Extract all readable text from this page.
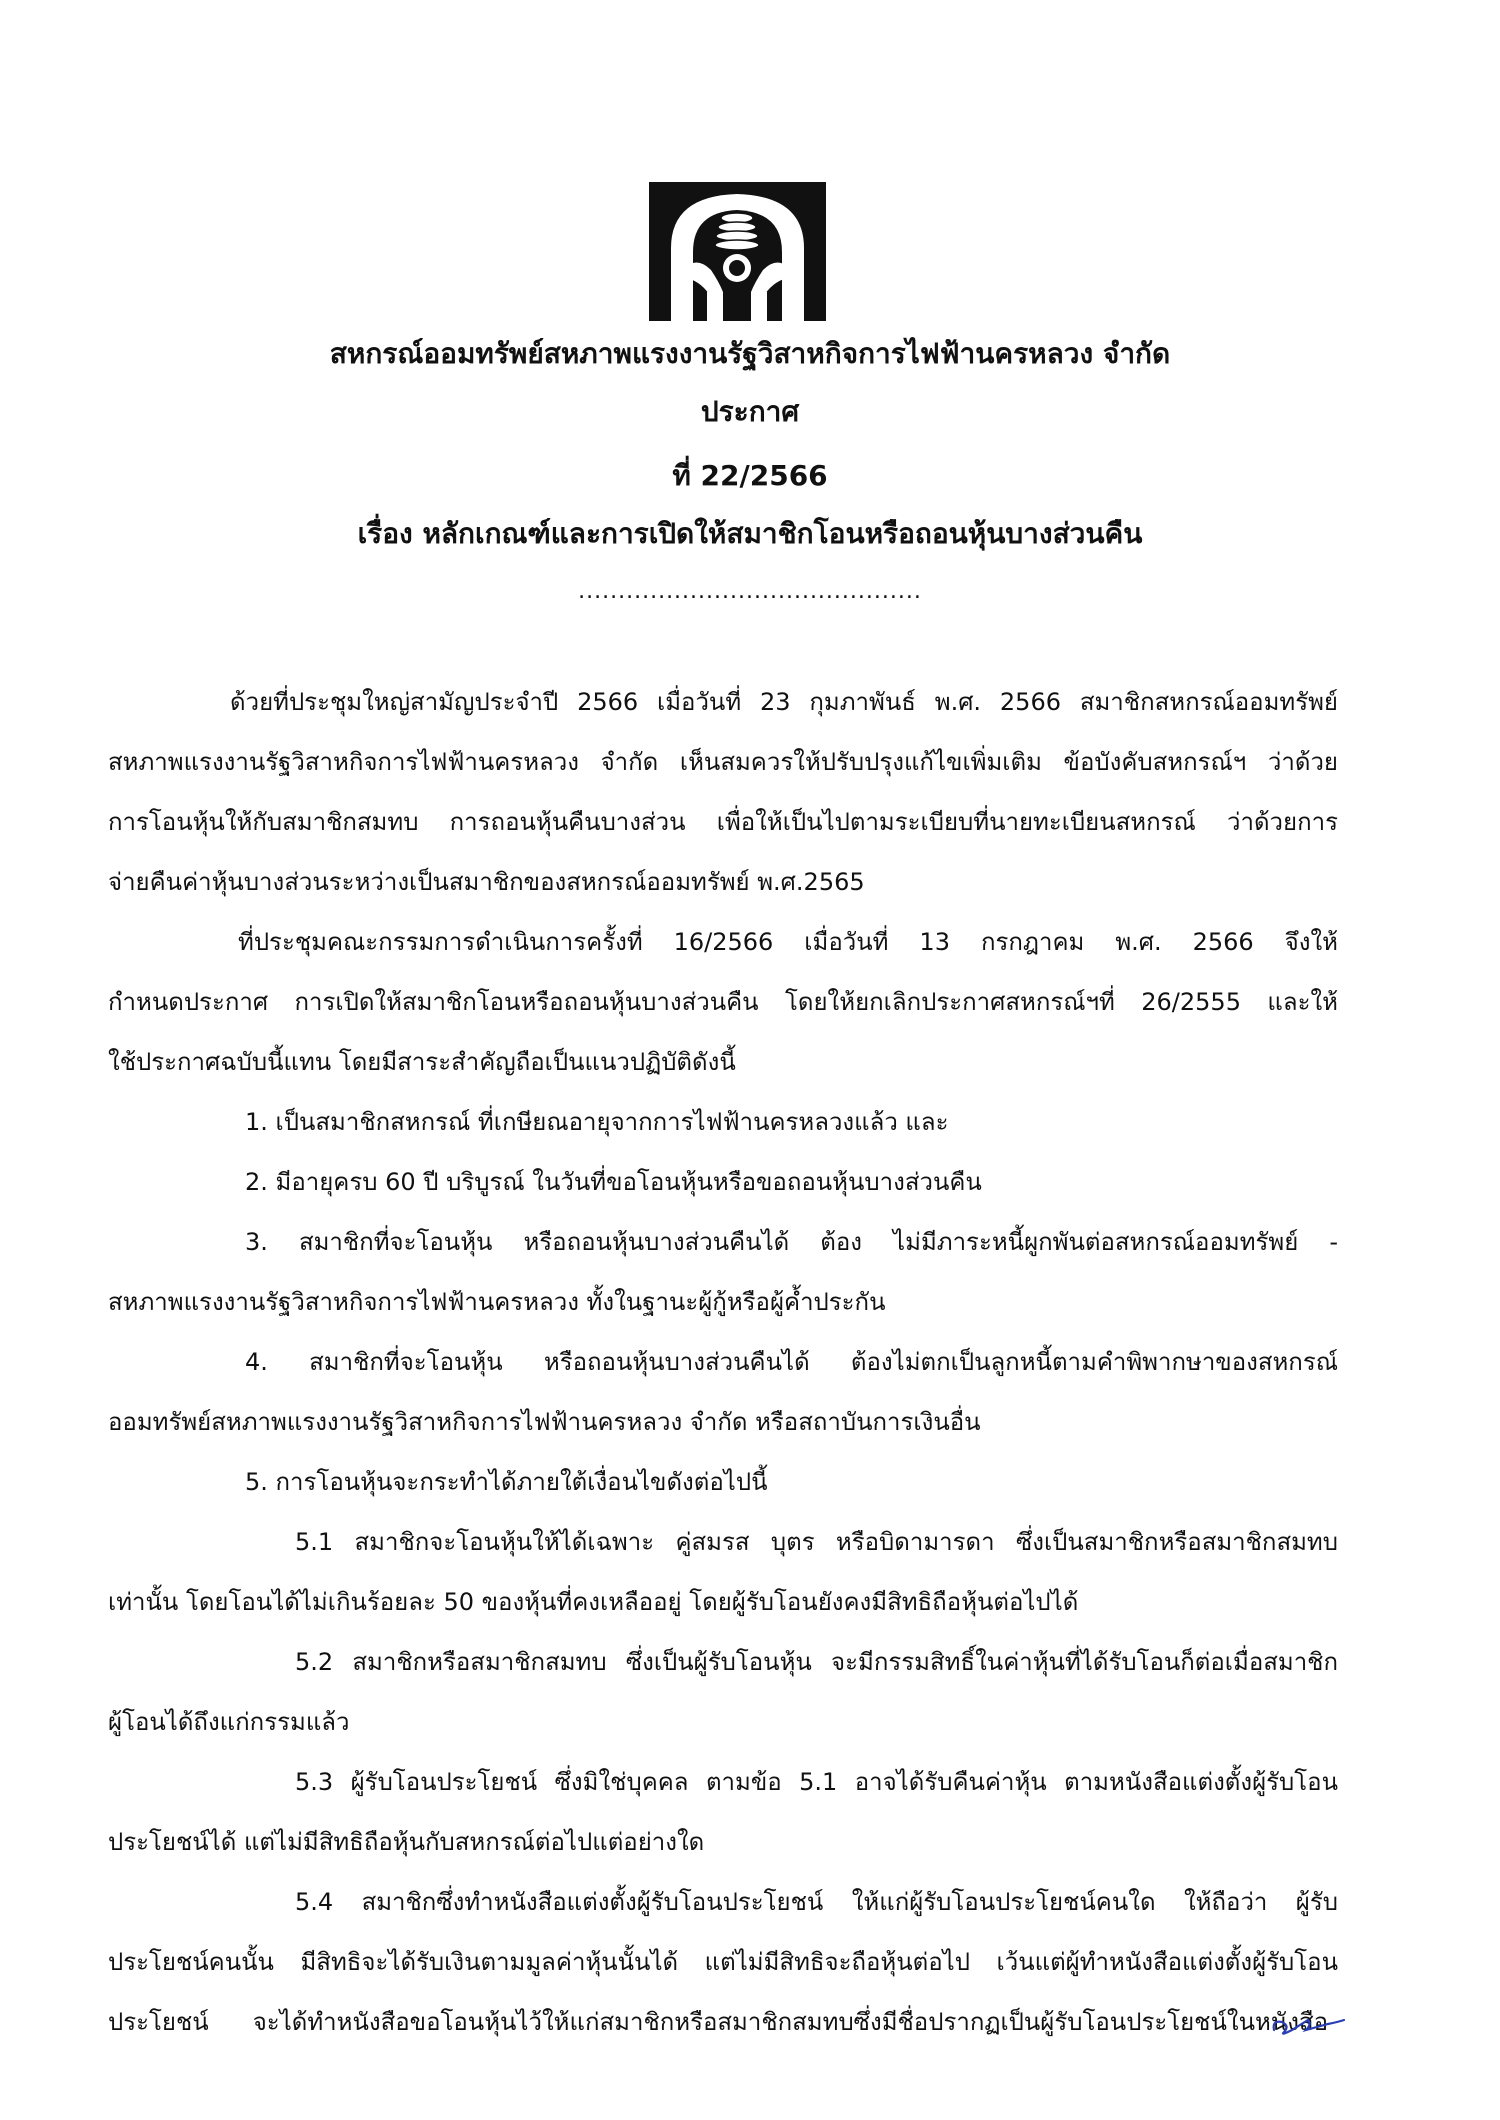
สหกรณ์ออมทรัพย์สหภาพแรงงานรัฐวิสาหกิจการไฟฟ้านครหลวง จำกัด
ประกาศ
ที่ 22/2566
เรื่อง หลักเกณฑ์และการเปิดให้สมาชิกโอนหรือถอนหุ้นบางส่วนคืน
...........................................
ด้วยที่ประชุมใหญ่สามัญประจำปี 2566 เมื่อวันที่ 23 กุมภาพันธ์ พ.ศ. 2566 สมาชิกสหกรณ์ออมทรัพย์
สหภาพแรงงานรัฐวิสาหกิจการไฟฟ้านครหลวง จำกัด เห็นสมควรให้ปรับปรุงแก้ไขเพิ่มเติม ข้อบังคับสหกรณ์ฯ ว่าด้วย
การโอนหุ้นให้กับสมาชิกสมทบ การถอนหุ้นคืนบางส่วน เพื่อให้เป็นไปตามระเบียบที่นายทะเบียนสหกรณ์ ว่าด้วยการ
จ่ายคืนค่าหุ้นบางส่วนระหว่างเป็นสมาชิกของสหกรณ์ออมทรัพย์ พ.ศ.2565
ที่ประชุมคณะกรรมการดำเนินการครั้งที่ 16/2566 เมื่อวันที่ 13 กรกฎาคม พ.ศ. 2566 จึงให้
กำหนดประกาศ การเปิดให้สมาชิกโอนหรือถอนหุ้นบางส่วนคืน โดยให้ยกเลิกประกาศสหกรณ์ฯที่ 26/2555 และให้
ใช้ประกาศฉบับนี้แทน โดยมีสาระสำคัญถือเป็นแนวปฏิบัติดังนี้
1. เป็นสมาชิกสหกรณ์ ที่เกษียณอายุจากการไฟฟ้านครหลวงแล้ว และ
2. มีอายุครบ 60 ปี บริบูรณ์ ในวันที่ขอโอนหุ้นหรือขอถอนหุ้นบางส่วนคืน
3. สมาชิกที่จะโอนหุ้น หรือถอนหุ้นบางส่วนคืนได้ ต้อง ไม่มีภาระหนี้ผูกพันต่อสหกรณ์ออมทรัพย์ -
สหภาพแรงงานรัฐวิสาหกิจการไฟฟ้านครหลวง ทั้งในฐานะผู้กู้หรือผู้ค้ำประกัน
4. สมาชิกที่จะโอนหุ้น หรือถอนหุ้นบางส่วนคืนได้ ต้องไม่ตกเป็นลูกหนี้ตามคำพิพากษาของสหกรณ์
ออมทรัพย์สหภาพแรงงานรัฐวิสาหกิจการไฟฟ้านครหลวง จำกัด หรือสถาบันการเงินอื่น
5. การโอนหุ้นจะกระทำได้ภายใต้เงื่อนไขดังต่อไปนี้
5.1 สมาชิกจะโอนหุ้นให้ได้เฉพาะ คู่สมรส บุตร หรือบิดามารดา ซึ่งเป็นสมาชิกหรือสมาชิกสมทบ
เท่านั้น โดยโอนได้ไม่เกินร้อยละ 50 ของหุ้นที่คงเหลืออยู่ โดยผู้รับโอนยังคงมีสิทธิถือหุ้นต่อไปได้
5.2 สมาชิกหรือสมาชิกสมทบ ซึ่งเป็นผู้รับโอนหุ้น จะมีกรรมสิทธิ์ในค่าหุ้นที่ได้รับโอนก็ต่อเมื่อสมาชิก
ผู้โอนได้ถึงแก่กรรมแล้ว
5.3 ผู้รับโอนประโยชน์ ซึ่งมิใช่บุคคล ตามข้อ 5.1 อาจได้รับคืนค่าหุ้น ตามหนังสือแต่งตั้งผู้รับโอน
ประโยชน์ได้ แต่ไม่มีสิทธิถือหุ้นกับสหกรณ์ต่อไปแต่อย่างใด
5.4 สมาชิกซึ่งทำหนังสือแต่งตั้งผู้รับโอนประโยชน์ ให้แก่ผู้รับโอนประโยชน์คนใด ให้ถือว่า ผู้รับ
ประโยชน์คนนั้น มีสิทธิจะได้รับเงินตามมูลค่าหุ้นนั้นได้ แต่ไม่มีสิทธิจะถือหุ้นต่อไป เว้นแต่ผู้ทำหนังสือแต่งตั้งผู้รับโอน
ประโยชน์ จะได้ทำหนังสือขอโอนหุ้นไว้ให้แก่สมาชิกหรือสมาชิกสมทบซึ่งมีชื่อปรากฏเป็นผู้รับโอนประโยชน์ในหนังสือ
